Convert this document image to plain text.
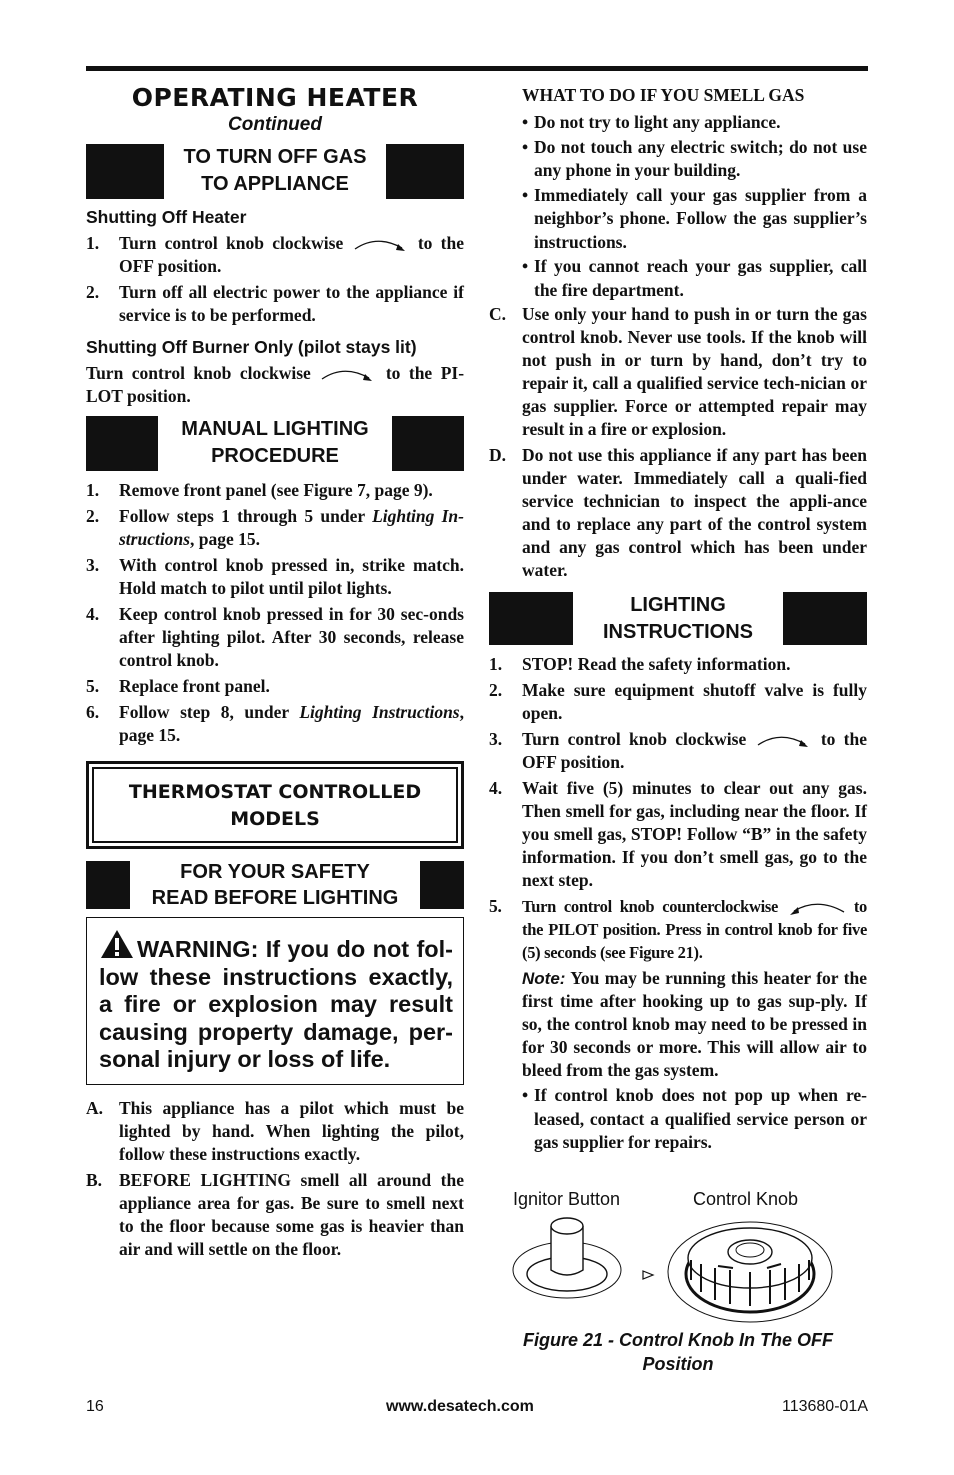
OPERATING HEATER
Continued
TO TURN OFF GAS
TO APPLIANCE
Shutting Off Heater
1.	Turn control knob clockwise	to the OFF position.
2.	Turn off all electric power to the appliance if service is to be performed.
Shutting Off Burner Only (pilot stays lit)
Turn control knob clockwise	to the PI-LOT position.
MANUAL LIGHTING
PROCEDURE
1.	Remove front panel (see Figure 7, page 9).
2.	Follow steps 1 through 5 under Lighting In-structions, page 15.
3.	With control knob pressed in, strike match. Hold match to pilot until pilot lights.
4.	Keep control knob pressed in for 30 sec-onds after lighting pilot. After 30 seconds, release control knob.
5.	Replace front panel.
6.	Follow step 8, under Lighting Instructions, page 15.
THERMOSTAT CONTROLLED
MODELS
FOR YOUR SAFETY
READ BEFORE LIGHTING
WARNING: If you do not fol-low these instructions exactly, a fire or explosion may result causing property damage, per-sonal injury or loss of life.
A. This appliance has a pilot which must be lighted by hand. When lighting the pilot, follow these instructions exactly.
B. BEFORE LIGHTING smell all around the appliance area for gas. Be sure to smell next to the floor because some gas is heavier than air and will settle on the floor.
WHAT TO DO IF YOU SMELL GAS
• Do not try to light any appliance.
• Do not touch any electric switch; do not use any phone in your building.
• Immediately call your gas supplier from a neighbor’s phone. Follow the gas supplier’s instructions.
• If you cannot reach your gas supplier, call the fire department.
C. Use only your hand to push in or turn the gas control knob. Never use tools. If the knob will not push in or turn by hand, don’t try to repair it, call a qualified service tech-nician or gas supplier. Force or attempted repair may result in a fire or explosion.
D. Do not use this appliance if any part has been under water. Immediately call a quali-fied service technician to inspect the appli-ance and to replace any part of the control system and any gas control which has been under water.
LIGHTING
INSTRUCTIONS
1.	STOP! Read the safety information.
2.	Make sure equipment shutoff valve is fully open.
3.	Turn control knob clockwise	to the OFF position.
4.	Wait five (5) minutes to clear out any gas. Then smell for gas, including near the floor. If you smell gas, STOP! Follow “B” in the safety information. If you don’t smell gas, go to the next step.
5.	Turn control knob counterclockwise	to the PILOT position. Press in control knob for five (5) seconds (see Figure 21).
Note: You may be running this heater for the first time after hooking up to gas sup-ply. If so, the control knob may need to be pressed in for 30 seconds or more. This will allow air to bleed from the gas system.
• If control knob does not pop up when re-leased, contact a qualified service person or gas supplier for repairs.
Ignitor Button	Control Knob
Figure 21 - Control Knob In The OFF
Position
16	www.desatech.com	113680-01A
